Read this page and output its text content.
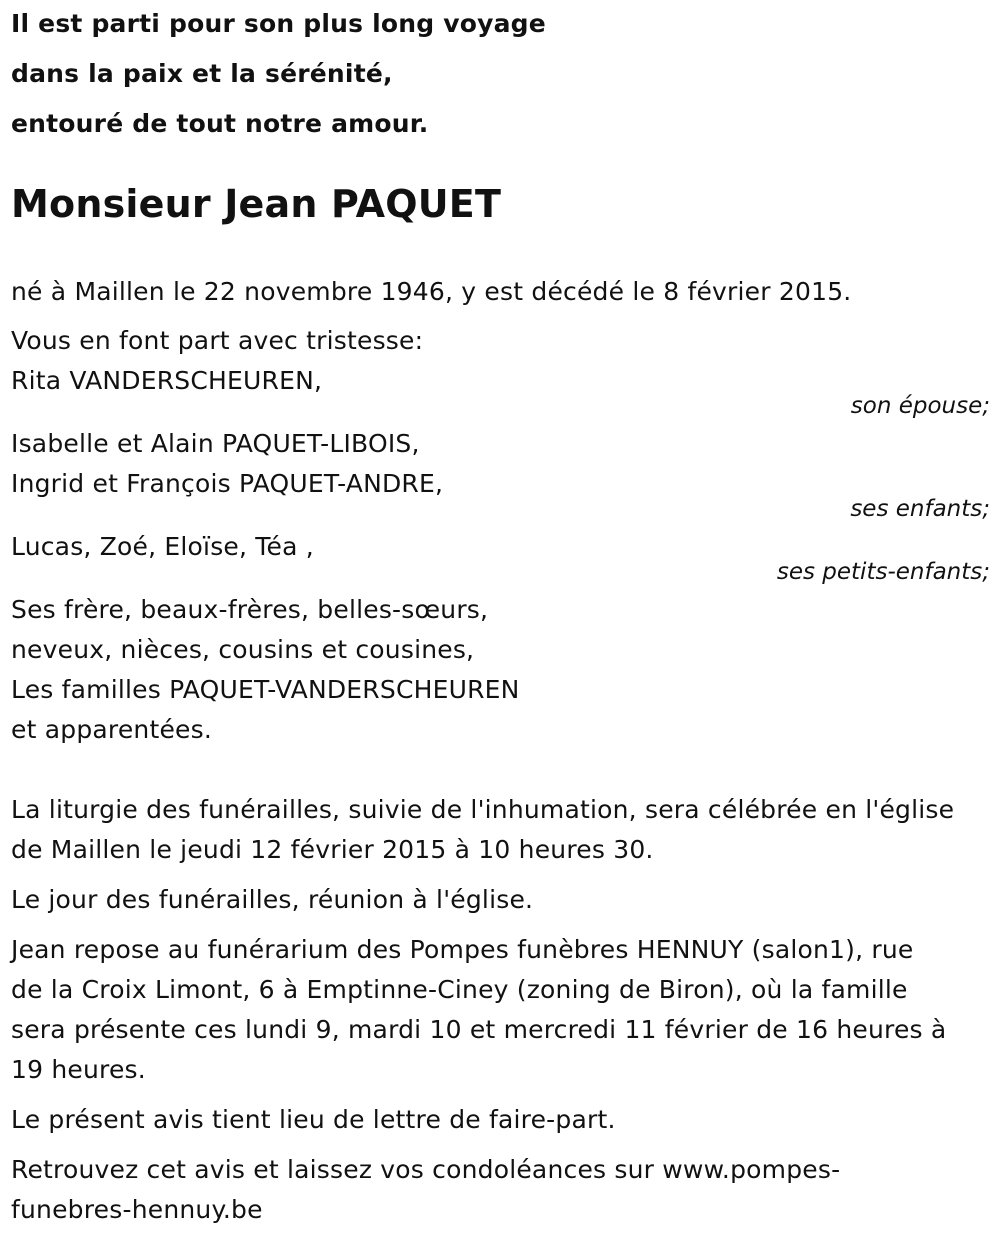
Il est parti pour son plus long voyage
dans la paix et la sérénité,
entouré de tout notre amour.
Monsieur Jean PAQUET
né à Maillen le 22 novembre 1946, y est décédé le 8 février 2015.
Vous en font part avec tristesse:
Rita VANDERSCHEUREN,
son épouse;
Isabelle et Alain PAQUET-LIBOIS,
Ingrid et François PAQUET-ANDRE,
ses enfants;
Lucas, Zoé, Eloïse, Téa ,
ses petits-enfants;
Ses frère, beaux-frères, belles-sœurs,
neveux, nièces, cousins et cousines,
Les familles PAQUET-VANDERSCHEUREN
et apparentées.
La liturgie des funérailles, suivie de l'inhumation, sera célébrée en l'église
de Maillen le jeudi 12 février 2015 à 10 heures 30.
Le jour des funérailles, réunion à l'église.
Jean repose au funérarium des Pompes funèbres HENNUY (salon1), rue
de la Croix Limont, 6 à Emptinne-Ciney (zoning de Biron), où la famille
sera présente ces lundi 9, mardi 10 et mercredi 11 février de 16 heures à
19 heures.
Le présent avis tient lieu de lettre de faire-part.
Retrouvez cet avis et laissez vos condoléances sur www.pompes-
funebres-hennuy.be
